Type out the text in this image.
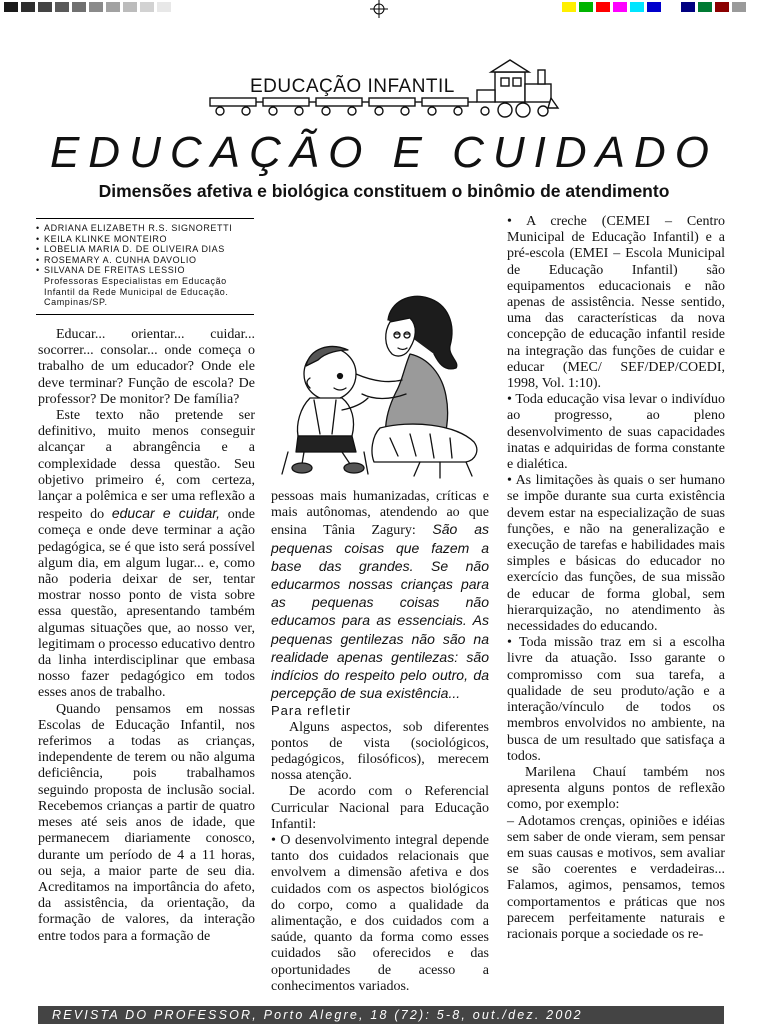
EDUCAÇÃO INFANTIL
EDUCAÇÃO E CUIDADO
Dimensões afetiva e biológica constituem o binômio de atendimento
• ADRIANA ELIZABETH R.S. SIGNORETTI
• KEILA KLINKE MONTEIRO
• LOBELIA MARIA D. DE OLIVEIRA DIAS
• ROSEMARY A. CUNHA DAVOLIO
• SILVANA DE FREITAS LESSIO
Professoras Especialistas em Educação Infantil da Rede Municipal de Educação. Campinas/SP.

Educar... orientar... cuidar... socorrer... consolar... onde começa o trabalho de um educador? Onde ele deve terminar? Função de escola? De professor? De monitor? De família?

Este texto não pretende ser definitivo, muito menos conseguir alcançar a abrangência e a complexidade dessa questão. Seu objetivo primeiro é, com certeza, lançar a polêmica e ser uma reflexão a respeito do educar e cuidar, onde começa e onde deve terminar a ação pedagógica, se é que isto será possível algum dia, em algum lugar... e, como não poderia deixar de ser, tentar mostrar nosso ponto de vista sobre essa questão, apresentando também algumas situações que, ao nosso ver, legitimam o processo educativo dentro da linha interdisciplinar que embasa nosso fazer pedagógico em todos esses anos de trabalho.

Quando pensamos em nossas Escolas de Educação Infantil, nos referimos a todas as crianças, independente de terem ou não alguma deficiência, pois trabalhamos seguindo proposta de inclusão social. Recebemos crianças a partir de quatro meses até seis anos de idade, que permanecem diariamente conosco, durante um período de 4 a 11 horas, ou seja, a maior parte de seu dia. Acreditamos na importância do afeto, da assistência, da orientação, da formação de valores, da interação entre todos para a formação de

pessoas mais humanizadas, críticas e mais autônomas, atendendo ao que ensina Tânia Zagury: São as pequenas coisas que fazem a base das grandes. Se não educarmos nossas crianças para as pequenas coisas não educamos para as essenciais. As pequenas gentilezas não são na realidade apenas gentilezas: são indícios do respeito pelo outro, da percepção de sua existência...

Para refletir

Alguns aspectos, sob diferentes pontos de vista (sociológicos, pedagógicos, filosóficos), merecem nossa atenção.

De acordo com o Referencial Curricular Nacional para Educação Infantil:

• O desenvolvimento integral depende tanto dos cuidados relacionais que envolvem a dimensão afetiva e dos cuidados com os aspectos biológicos do corpo, como a qualidade da alimentação, e dos cuidados com a saúde, quanto da forma como esses cuidados são oferecidos e das oportunidades de acesso a conhecimentos variados.

• A creche (CEMEI – Centro Municipal de Educação Infantil) e a pré-escola (EMEI – Escola Municipal de Educação Infantil) são equipamentos educacionais e não apenas de assistência. Nesse sentido, uma das características da nova concepção de educação infantil reside na integração das funções de cuidar e educar (MEC/ SEF/DEP/COEDI, 1998, Vol. 1:10).

• Toda educação visa levar o indivíduo ao progresso, ao pleno desenvolvimento de suas capacidades inatas e adquiridas de forma constante e dialética.

• As limitações às quais o ser humano se impõe durante sua curta existência devem estar na especialização de suas funções, e não na generalização e execução de tarefas e habilidades mais simples e básicas do educador no exercício das funções, de sua missão de educar de forma global, sem hierarquização, no atendimento às necessidades do educando.

• Toda missão traz em si a escolha livre da atuação. Isso garante o compromisso com sua tarefa, a qualidade de seu produto/ação e a interação/vínculo de todos os membros envolvidos no ambiente, na busca de um resultado que satisfaça a todos.

Marilena Chauí também nos apresenta alguns pontos de reflexão como, por exemplo:

– Adotamos crenças, opiniões e idéias sem saber de onde vieram, sem pensar em suas causas e motivos, sem avaliar se são coerentes e verdadeiras... Falamos, agimos, pensamos, temos comportamentos e práticas que nos parecem perfeitamente naturais e racionais porque a sociedade os re-

REVISTA DO PROFESSOR, Porto Alegre, 18 (72): 5-8, out./dez. 2002
